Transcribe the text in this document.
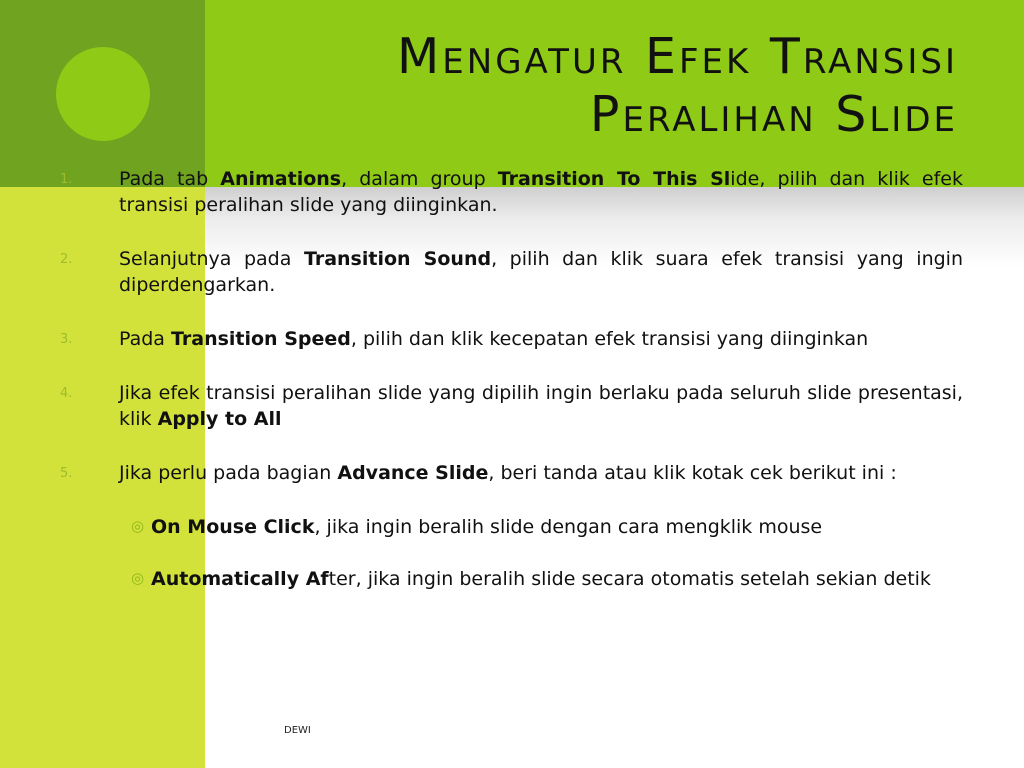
Mengatur Efek Transisi
Peralihan Slide
1. Pada tab Animations, dalam group Transition To This Slide, pilih dan klik efek transisi peralihan slide yang diinginkan.
2. Selanjutnya pada Transition Sound, pilih dan klik suara efek transisi yang ingin diperdengarkan.
3. Pada Transition Speed, pilih dan klik kecepatan efek transisi yang diinginkan
4. Jika efek transisi peralihan slide yang dipilih ingin berlaku pada seluruh slide presentasi, klik Apply to All
5. Jika perlu pada bagian Advance Slide, beri tanda atau klik kotak cek berikut ini :
◎ On Mouse Click, jika ingin beralih slide dengan cara mengklik mouse
◎ Automatically After, jika ingin beralih slide secara otomatis setelah sekian detik
DEWI
